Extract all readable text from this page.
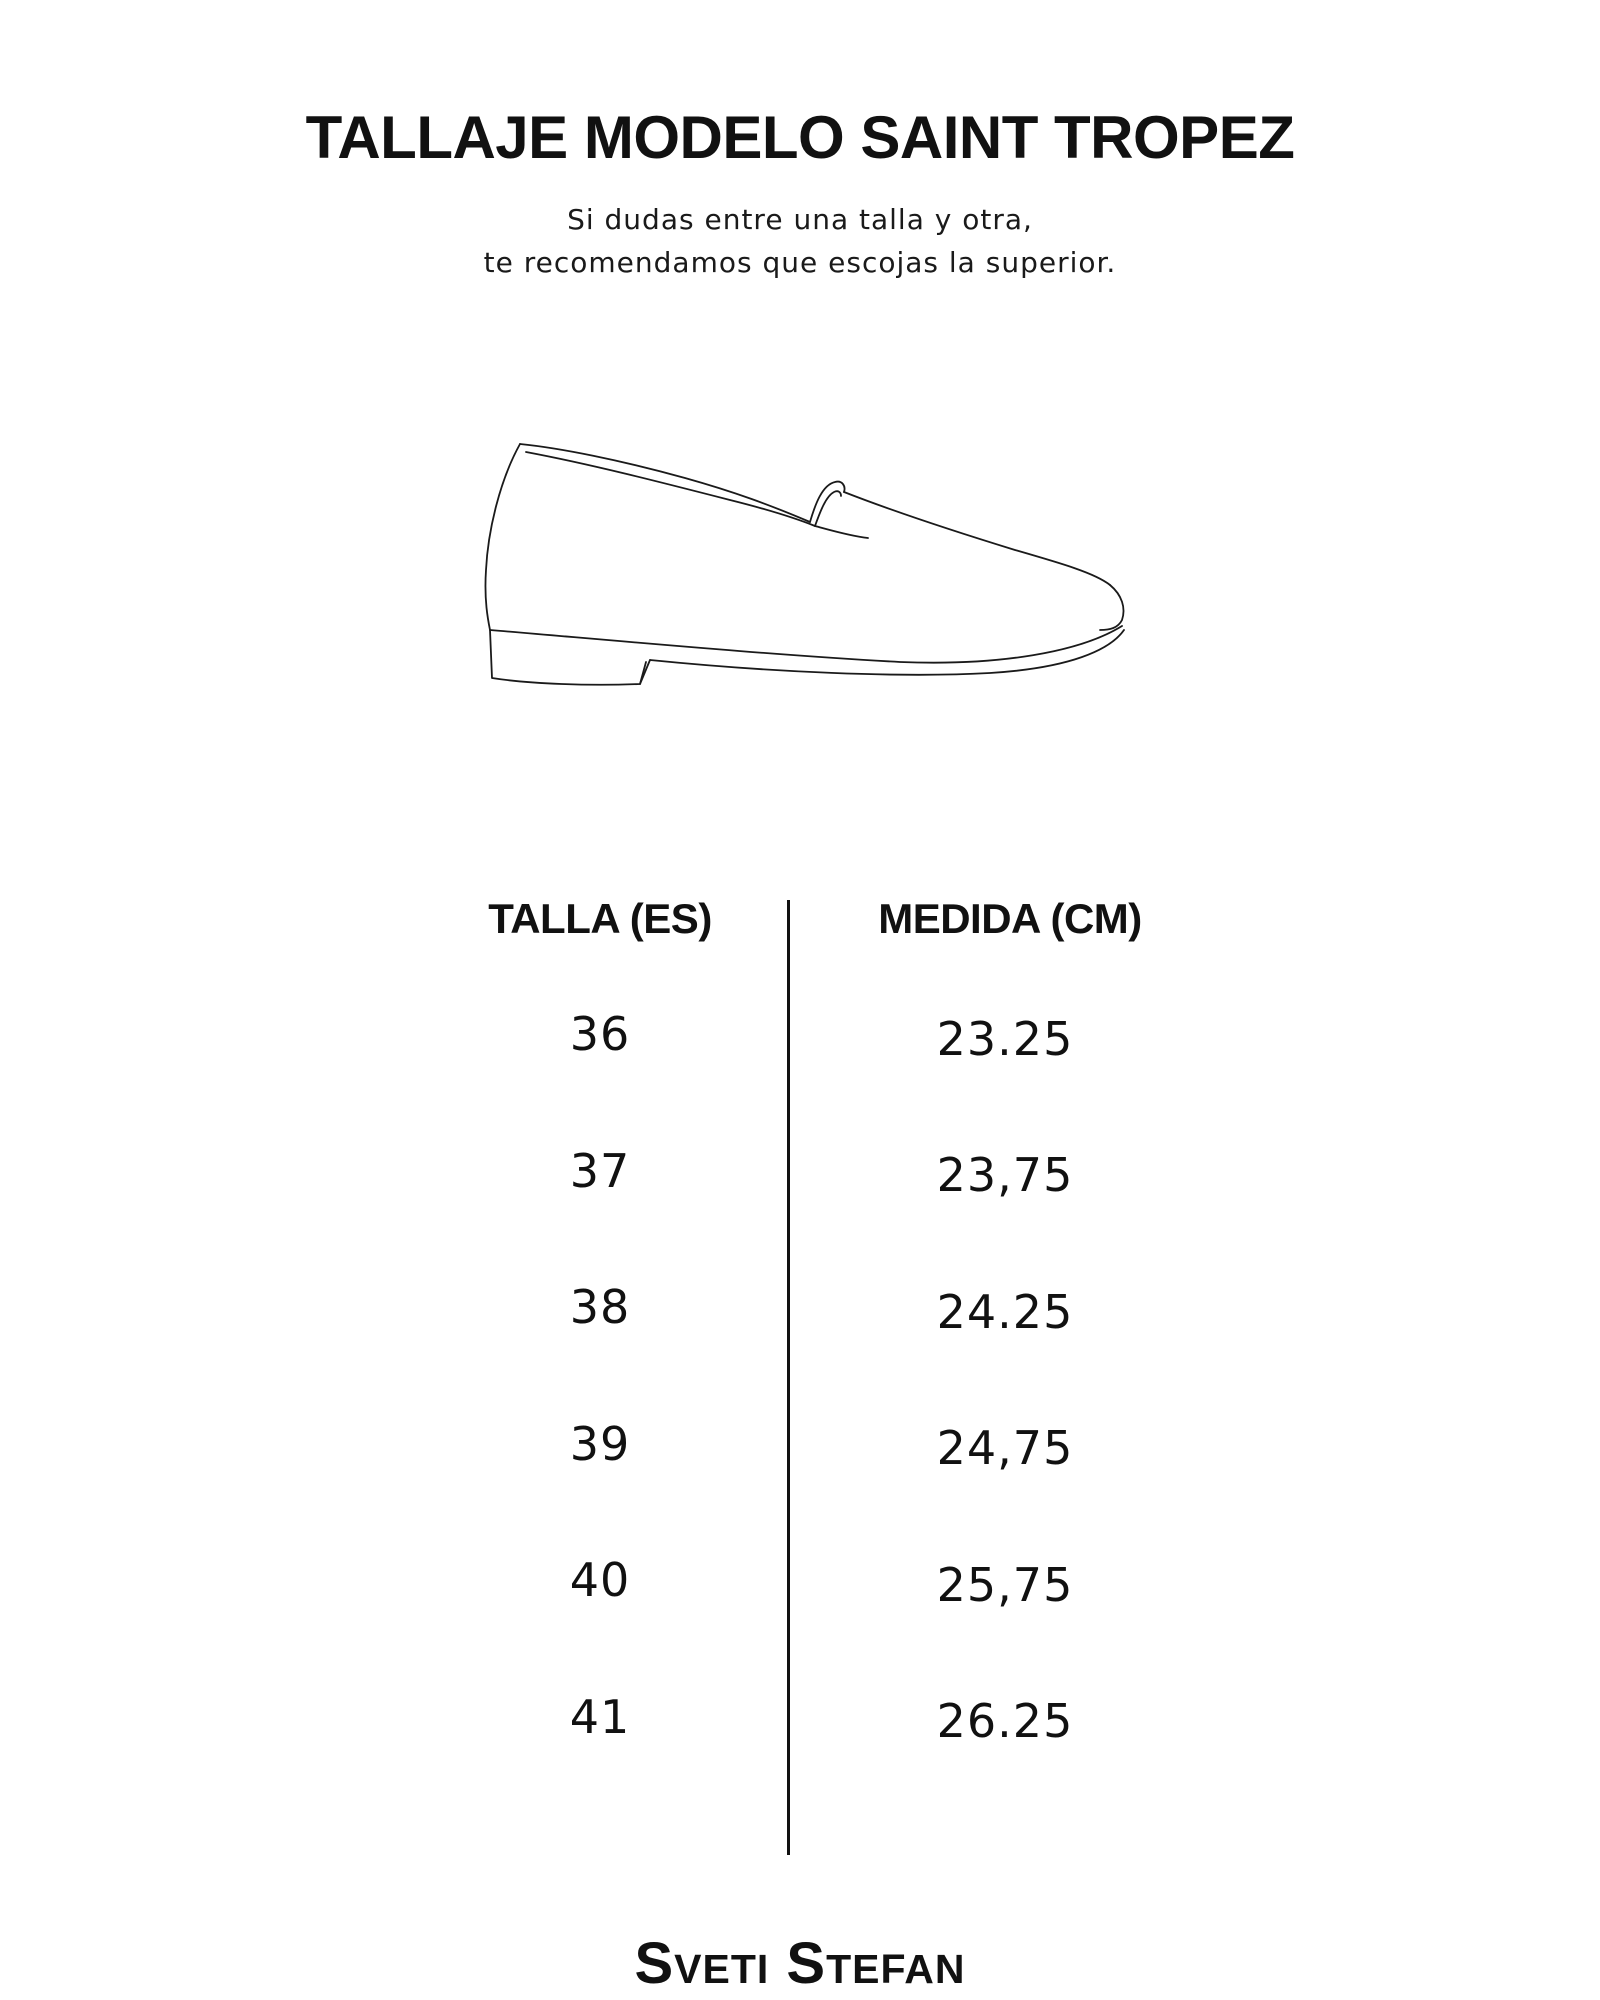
TALLAJE MODELO SAINT TROPEZ
Si dudas entre una talla y otra,
te recomendamos que escojas la superior.
TALLA (ES)	MEDIDA (CM)
36	23.25
37	23,75
38	24.25
39	24,75
40	25,75
41	26.25
Sveti Stefan
